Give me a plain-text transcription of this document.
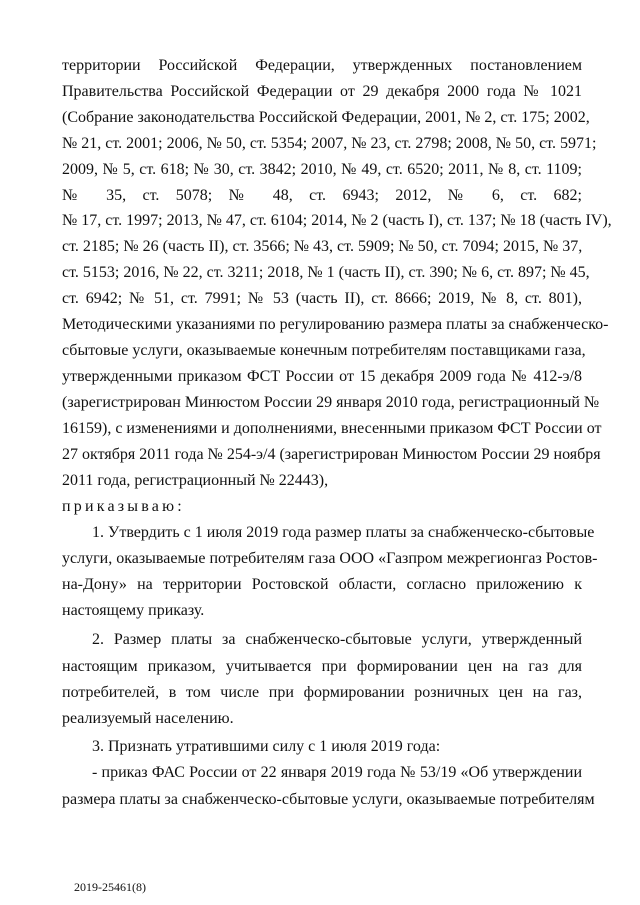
территории Российской Федерации, утвержденных постановлением
Правительства Российской Федерации от 29 декабря 2000 года № 1021
(Собрание законодательства Российской Федерации, 2001, № 2, ст. 175; 2002,
№ 21, ст. 2001; 2006, № 50, ст. 5354; 2007, № 23, ст. 2798; 2008, № 50, ст. 5971;
2009, № 5, ст. 618; № 30, ст. 3842; 2010, № 49, ст. 6520; 2011, № 8, ст. 1109;
№ 35, ст. 5078; № 48, ст. 6943; 2012, № 6, ст. 682;
№ 17, ст. 1997; 2013, № 47, ст. 6104; 2014, № 2 (часть I), ст. 137; № 18 (часть IV),
ст. 2185; № 26 (часть II), ст. 3566; № 43, ст. 5909; № 50, ст. 7094; 2015, № 37,
ст. 5153; 2016, № 22, ст. 3211; 2018, № 1 (часть II), ст. 390; № 6, ст. 897; № 45,
ст. 6942; № 51, ст. 7991; № 53 (часть II), ст. 8666; 2019, № 8, ст. 801),
Методическими указаниями по регулированию размера платы за снабженческо-
сбытовые услуги, оказываемые конечным потребителям поставщиками газа,
утвержденными приказом ФСТ России от 15 декабря 2009 года № 412-э/8
(зарегистрирован Минюстом России 29 января 2010 года, регистрационный №
16159), с изменениями и дополнениями, внесенными приказом ФСТ России от
27 октября 2011 года № 254-э/4 (зарегистрирован Минюстом России 29 ноября
2011 года, регистрационный № 22443),
приказываю:
1. Утвердить с 1 июля 2019 года размер платы за снабженческо-сбытовые
услуги, оказываемые потребителям газа ООО «Газпром межрегионгаз Ростов-
на-Дону» на территории Ростовской области, согласно приложению к
настоящему приказу.
2. Размер платы за снабженческо-сбытовые услуги, утвержденный
настоящим приказом, учитывается при формировании цен на газ для
потребителей, в том числе при формировании розничных цен на газ,
реализуемый населению.
3. Признать утратившими силу с 1 июля 2019 года:
- приказ ФАС России от 22 января 2019 года № 53/19 «Об утверждении
размера платы за снабженческо-сбытовые услуги, оказываемые потребителям
2019-25461(8)
